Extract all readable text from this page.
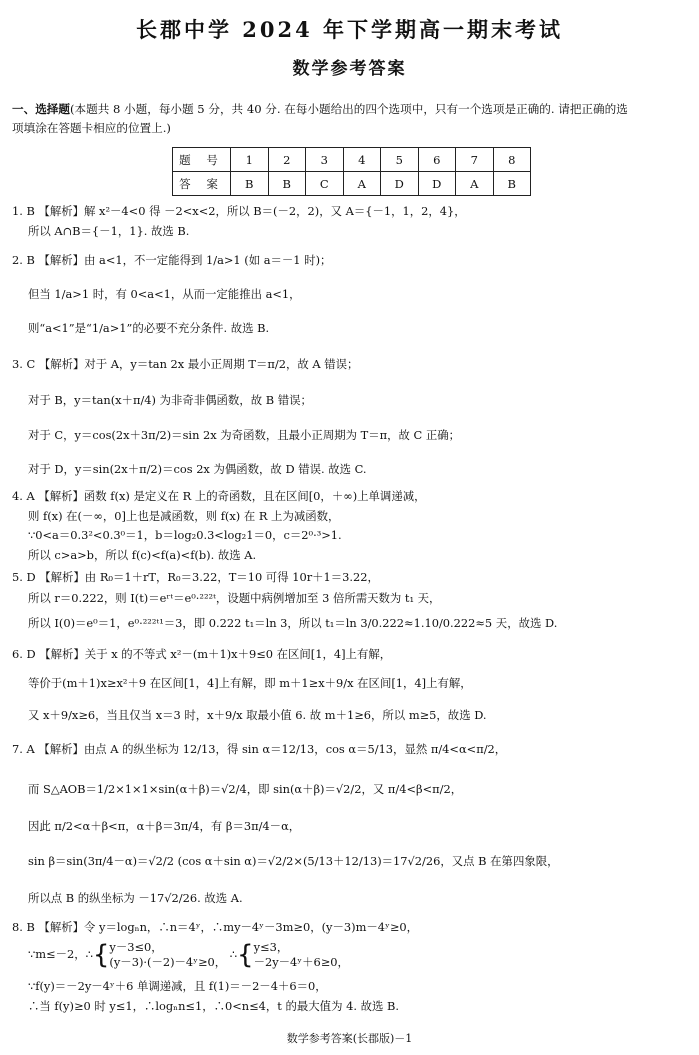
长郡中学 2024 年下学期高一期末考试
数学参考答案
一、选择题(本题共 8 小题，每小题 5 分，共 40 分. 在每小题给出的四个选项中，只有一个选项是正确的. 请把正确的选
项填涂在答题卡相应的位置上.)
题 号	1	2	3	4	5	6	7	8
答 案	B	B	C	A	D	D	A	B
1. B 【解析】解 x²－4<0 得 －2<x<2，所以 B＝(－2，2)，又 A＝{－1，1，2，4}，
所以 A∩B＝{－1，1}. 故选 B.
2. B 【解析】由 a<1，不一定能得到 1/a>1 (如 a＝－1 时)；
但当 1/a>1 时，有 0<a<1，从而一定能推出 a<1，
则“a<1”是“1/a>1”的必要不充分条件. 故选 B.
3. C 【解析】对于 A，y＝tan 2x 最小正周期 T＝π/2，故 A 错误；
对于 B，y＝tan(x＋π/4) 为非奇非偶函数，故 B 错误；
对于 C，y＝cos(2x＋3π/2)＝sin 2x 为奇函数，且最小正周期为 T＝π，故 C 正确；
对于 D，y＝sin(2x＋π/2)＝cos 2x 为偶函数，故 D 错误. 故选 C.
4. A 【解析】函数 f(x) 是定义在 R 上的奇函数，且在区间[0，＋∞)上单调递减，
则 f(x) 在(－∞，0]上也是减函数，则 f(x) 在 R 上为减函数，
∵0<a＝0.3²<0.3⁰＝1，b＝log₂0.3<log₂1＝0，c＝2⁰·³>1.
所以 c>a>b，所以 f(c)<f(a)<f(b). 故选 A.
5. D 【解析】由 R₀＝1＋rT，R₀＝3.22，T＝10 可得 10r＋1＝3.22，
所以 r＝0.222，则 I(t)＝eʳᵗ＝e⁰·²²²ᵗ，设题中病例增加至 3 倍所需天数为 t₁ 天，
所以 I(0)＝e⁰＝1，e⁰·²²²ᵗ¹＝3，即 0.222 t₁＝ln 3，所以 t₁＝ln 3/0.222≈1.10/0.222≈5 天，故选 D.
6. D 【解析】关于 x 的不等式 x²－(m＋1)x＋9≤0 在区间[1，4]上有解，
等价于(m＋1)x≥x²＋9 在区间[1，4]上有解，即 m＋1≥x＋9/x 在区间[1，4]上有解，
又 x＋9/x≥6，当且仅当 x＝3 时，x＋9/x 取最小值 6. 故 m＋1≥6，所以 m≥5，故选 D.
7. A 【解析】由点 A 的纵坐标为 12/13，得 sin α＝12/13，cos α＝5/13，显然 π/4<α<π/2，
而 S△AOB＝1/2×1×1×sin(α＋β)＝√2/4，即 sin(α＋β)＝√2/2，又 π/4<β<π/2，
因此 π/2<α＋β<π，α＋β＝3π/4，有 β＝3π/4－α，
sin β＝sin(3π/4－α)＝√2/2 (cos α＋sin α)＝√2/2×(5/13＋12/13)＝17√2/26，又点 B 在第四象限，
所以点 B 的纵坐标为 －17√2/26. 故选 A.
8. B 【解析】令 y＝logₙn，∴n＝4ʸ，∴my－4ʸ－3m≥0，(y－3)m－4ʸ≥0，
∵m≤－2，∴{ y－3≤0，
(y－3)·(－2)－4ʸ≥0，
∴{ y≤3，
－2y－4ʸ＋6≥0，
∵f(y)＝－2y－4ʸ＋6 单调递减，且 f(1)＝－2－4＋6＝0，
∴当 f(y)≥0 时 y≤1，∴logₙn≤1，∴0<n≤4，t 的最大值为 4. 故选 B.
数学参考答案(长郡版)－1
